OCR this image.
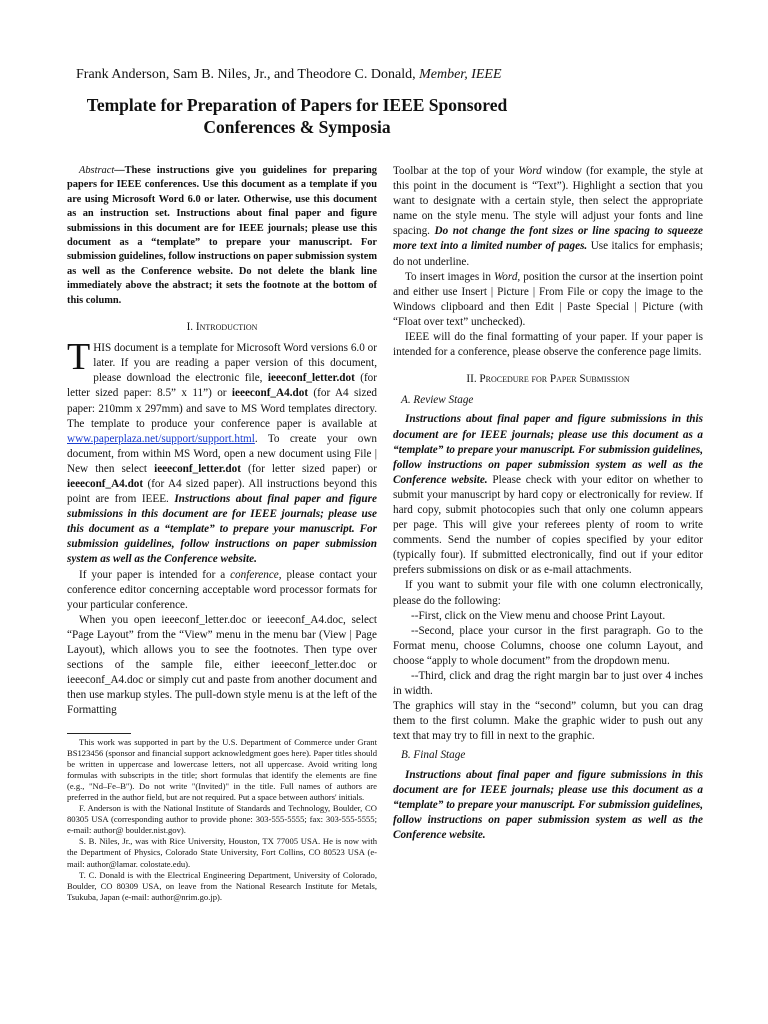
Frank Anderson, Sam B. Niles, Jr., and Theodore C. Donald, Member, IEEE
Template for Preparation of Papers for IEEE Sponsored Conferences & Symposia

Abstract—These instructions give you guidelines for preparing papers for IEEE conferences. Use this document as a template if you are using Microsoft Word 6.0 or later. Otherwise, use this document as an instruction set. Instructions about final paper and figure submissions in this document are for IEEE journals; please use this document as a “template” to prepare your manuscript. For submission guidelines, follow instructions on paper submission system as well as the Conference website. Do not delete the blank line immediately above the abstract; it sets the footnote at the bottom of this column.

I. Introduction

THIS document is a template for Microsoft Word versions 6.0 or later. If you are reading a paper version of this document, please download the electronic file, ieeeconf_letter.dot (for letter sized paper: 8.5” x 11”) or ieeeconf_A4.dot (for A4 sized paper: 210mm x 297mm) and save to MS Word templates directory. The template to produce your conference paper is available at www.paperplaza.net/support/support.html. To create your own document, from within MS Word, open a new document using File | New then select ieeeconf_letter.dot (for letter sized paper) or ieeeconf_A4.dot (for A4 sized paper). All instructions beyond this point are from IEEE. Instructions about final paper and figure submissions in this document are for IEEE journals; please use this document as a “template” to prepare your manuscript. For submission guidelines, follow instructions on paper submission system as well as the Conference website.

If your paper is intended for a conference, please contact your conference editor concerning acceptable word processor formats for your particular conference.

When you open ieeeconf_letter.doc or ieeeconf_A4.doc, select “Page Layout” from the “View” menu in the menu bar (View | Page Layout), which allows you to see the footnotes. Then type over sections of the sample file, either ieeeconf_letter.doc or ieeeconf_A4.doc or simply cut and paste from another document and then use markup styles. The pull-down style menu is at the left of the Formatting

This work was supported in part by the U.S. Department of Commerce under Grant BS123456 (sponsor and financial support acknowledgment goes here). Paper titles should be written in uppercase and lowercase letters, not all uppercase. Avoid writing long formulas with subscripts in the title; short formulas that identify the elements are fine (e.g., "Nd–Fe–B"). Do not write "(Invited)" in the title. Full names of authors are preferred in the author field, but are not required. Put a space between authors' initials.

F. Anderson is with the National Institute of Standards and Technology, Boulder, CO 80305 USA (corresponding author to provide phone: 303-555-5555; fax: 303-555-5555; e-mail: author@ boulder.nist.gov).

S. B. Niles, Jr., was with Rice University, Houston, TX 77005 USA. He is now with the Department of Physics, Colorado State University, Fort Collins, CO 80523 USA (e-mail: author@lamar. colostate.edu).

T. C. Donald is with the Electrical Engineering Department, University of Colorado, Boulder, CO 80309 USA, on leave from the National Research Institute for Metals, Tsukuba, Japan (e-mail: author@nrim.go.jp).

Toolbar at the top of your Word window (for example, the style at this point in the document is “Text”). Highlight a section that you want to designate with a certain style, then select the appropriate name on the style menu. The style will adjust your fonts and line spacing. Do not change the font sizes or line spacing to squeeze more text into a limited number of pages. Use italics for emphasis; do not underline.

To insert images in Word, position the cursor at the insertion point and either use Insert | Picture | From File or copy the image to the Windows clipboard and then Edit | Paste Special | Picture (with “Float over text” unchecked).

IEEE will do the final formatting of your paper. If your paper is intended for a conference, please observe the conference page limits.

II. Procedure for Paper Submission
A. Review Stage

Instructions about final paper and figure submissions in this document are for IEEE journals; please use this document as a “template” to prepare your manuscript. For submission guidelines, follow instructions on paper submission system as well as the Conference website. Please check with your editor on whether to submit your manuscript by hard copy or electronically for review. If hard copy, submit photocopies such that only one column appears per page. This will give your referees plenty of room to write comments. Send the number of copies specified by your editor (typically four). If submitted electronically, find out if your editor prefers submissions on disk or as e-mail attachments.

If you want to submit your file with one column electronically, please do the following:

--First, click on the View menu and choose Print Layout.

--Second, place your cursor in the first paragraph. Go to the Format menu, choose Columns, choose one column Layout, and choose “apply to whole document” from the dropdown menu.

--Third, click and drag the right margin bar to just over 4 inches in width.

The graphics will stay in the “second” column, but you can drag them to the first column. Make the graphic wider to push out any text that may try to fill in next to the graphic.

B. Final Stage

Instructions about final paper and figure submissions in this document are for IEEE journals; please use this document as a “template” to prepare your manuscript. For submission guidelines, follow instructions on paper submission system as well as the Conference website.
